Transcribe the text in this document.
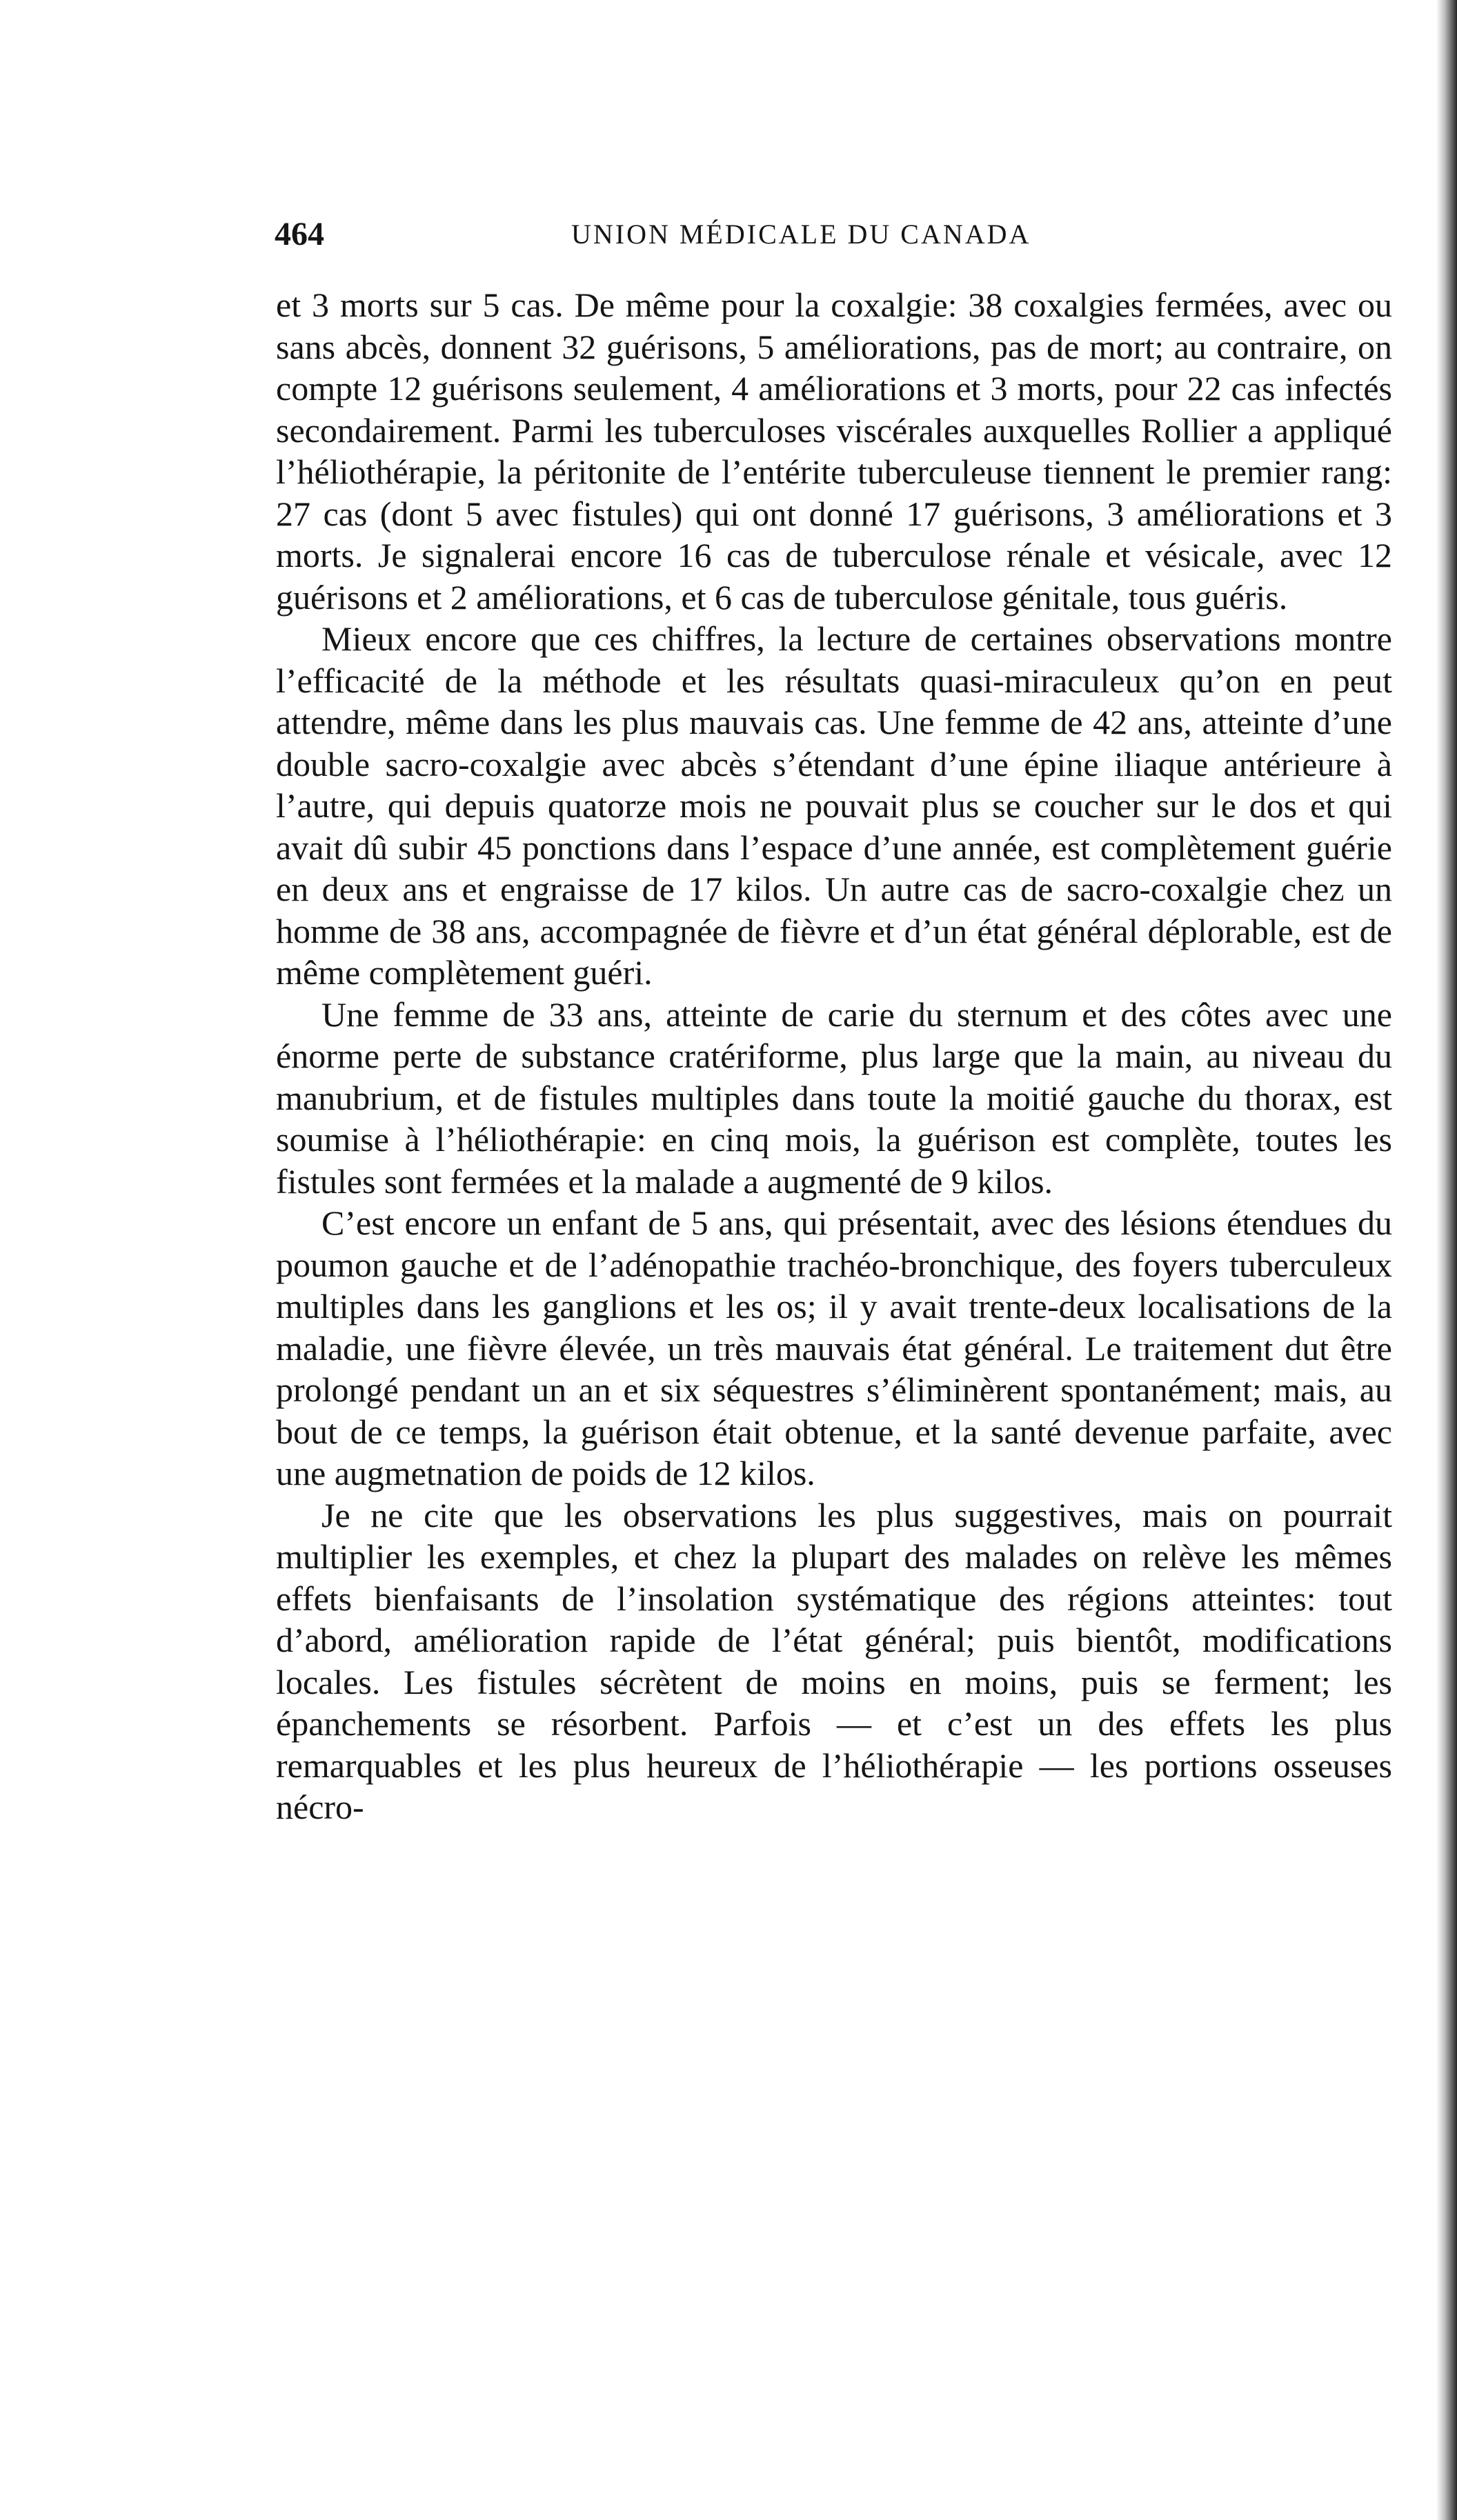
464	UNION MÉDICALE DU CANADA

et 3 morts sur 5 cas. De même pour la coxalgie: 38 coxalgies fermées, avec ou sans abcès, donnent 32 guérisons, 5 améliorations, pas de mort; au contraire, on compte 12 guérisons seulement, 4 améliorations et 3 morts, pour 22 cas infectés secondairement. Parmi les tuberculoses viscérales auxquelles Rollier a appliqué l’héliothérapie, la péritonite de l’entérite tuberculeuse tiennent le premier rang: 27 cas (dont 5 avec fistules) qui ont donné 17 guérisons, 3 améliorations et 3 morts. Je signalerai encore 16 cas de tuberculose rénale et vésicale, avec 12 guérisons et 2 améliorations, et 6 cas de tuberculose génitale, tous guéris.

Mieux encore que ces chiffres, la lecture de certaines observations montre l’efficacité de la méthode et les résultats quasi-miraculeux qu’on en peut attendre, même dans les plus mauvais cas. Une femme de 42 ans, atteinte d’une double sacro-coxalgie avec abcès s’étendant d’une épine iliaque antérieure à l’autre, qui depuis quatorze mois ne pouvait plus se coucher sur le dos et qui avait dû subir 45 ponctions dans l’espace d’une année, est complètement guérie en deux ans et engraisse de 17 kilos. Un autre cas de sacro-coxalgie chez un homme de 38 ans, accompagnée de fièvre et d’un état général déplorable, est de même complètement guéri.

Une femme de 33 ans, atteinte de carie du sternum et des côtes avec une énorme perte de substance cratériforme, plus large que la main, au niveau du manubrium, et de fistules multiples dans toute la moitié gauche du thorax, est soumise à l’héliothérapie: en cinq mois, la guérison est complète, toutes les fistules sont fermées et la malade a augmenté de 9 kilos.

C’est encore un enfant de 5 ans, qui présentait, avec des lésions étendues du poumon gauche et de l’adénopathie trachéo-bronchique, des foyers tuberculeux multiples dans les ganglions et les os; il y avait trente-deux localisations de la maladie, une fièvre élevée, un très mauvais état général. Le traitement dut être prolongé pendant un an et six séquestres s’éliminèrent spontanément; mais, au bout de ce temps, la guérison était obtenue, et la santé devenue parfaite, avec une augmetnation de poids de 12 kilos.

Je ne cite que les observations les plus suggestives, mais on pourrait multiplier les exemples, et chez la plupart des malades on relève les mêmes effets bienfaisants de l’insolation systématique des régions atteintes: tout d’abord, amélioration rapide de l’état général; puis bientôt, modifications locales. Les fistules sécrètent de moins en moins, puis se ferment; les épanchements se résorbent. Parfois — et c’est un des effets les plus remarquables et les plus heureux de l’héliothérapie — les portions osseuses nécro-
